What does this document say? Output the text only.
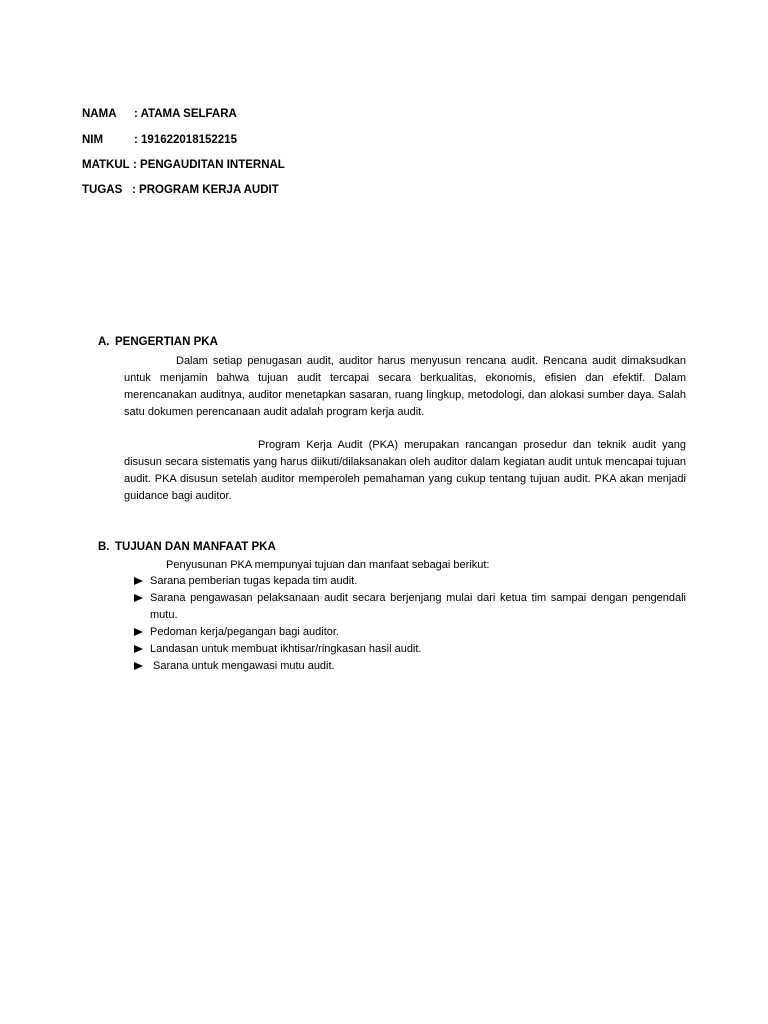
NAMA : ATAMA SELFARA
NIM	: 191622018152215
MATKUL : PENGAUDITAN INTERNAL
TUGAS : PROGRAM KERJA AUDIT
A. PENGERTIAN PKA

Dalam setiap penugasan audit, auditor harus menyusun rencana audit. Rencana audit dimaksudkan untuk menjamin bahwa tujuan audit tercapai secara berkualitas, ekonomis, efisien dan efektif. Dalam merencanakan auditnya, auditor menetapkan sasaran, ruang lingkup, metodologi, dan alokasi sumber daya. Salah satu dokumen perencanaan audit adalah program kerja audit.

Program Kerja Audit (PKA) merupakan rancangan prosedur dan teknik audit yang disusun secara sistematis yang harus diikuti/dilaksanakan oleh auditor dalam kegiatan audit untuk mencapai tujuan audit. PKA disusun setelah auditor memperoleh pemahaman yang cukup tentang tujuan audit. PKA akan menjadi guidance bagi auditor.

B. TUJUAN DAN MANFAAT PKA

Penyusunan PKA mempunyai tujuan dan manfaat sebagai berikut:

Sarana pemberian tugas kepada tim audit.
Sarana pengawasan pelaksanaan audit secara berjenjang mulai dari ketua tim sampai dengan pengendali mutu.
Pedoman kerja/pegangan bagi auditor.
Landasan untuk membuat ikhtisar/ringkasan hasil audit.
Sarana untuk mengawasi mutu audit.
